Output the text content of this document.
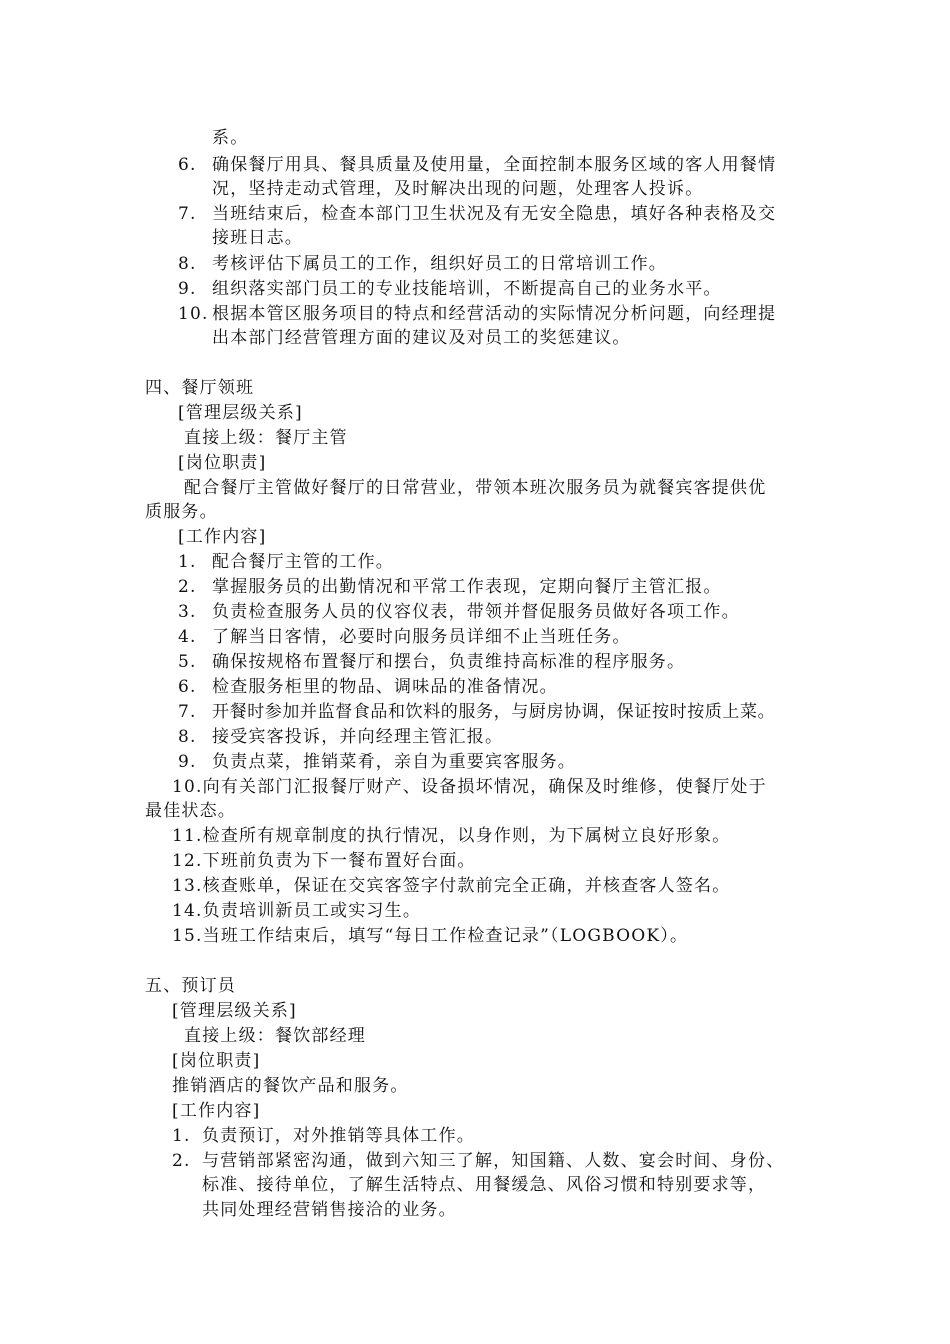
系。
6. 确保餐厅用具、餐具质量及使用量，全面控制本服务区域的客人用餐情
况，坚持走动式管理，及时解决出现的问题，处理客人投诉。
7. 当班结束后，检查本部门卫生状况及有无安全隐患，填好各种表格及交
接班日志。
8. 考核评估下属员工的工作，组织好员工的日常培训工作。
9. 组织落实部门员工的专业技能培训，不断提高自己的业务水平。
10. 根据本管区服务项目的特点和经营活动的实际情况分析问题，向经理提
出本部门经营管理方面的建议及对员工的奖惩建议。
四、餐厅领班
[管理层级关系]
直接上级：餐厅主管
[岗位职责]
配合餐厅主管做好餐厅的日常营业，带领本班次服务员为就餐宾客提供优
质服务。
[工作内容]
1. 配合餐厅主管的工作。
2. 掌握服务员的出勤情况和平常工作表现，定期向餐厅主管汇报。
3. 负责检查服务人员的仪容仪表，带领并督促服务员做好各项工作。
4. 了解当日客情，必要时向服务员详细不止当班任务。
5. 确保按规格布置餐厅和摆台，负责维持高标准的程序服务。
6. 检查服务柜里的物品、调味品的准备情况。
7. 开餐时参加并监督食品和饮料的服务，与厨房协调，保证按时按质上菜。
8. 接受宾客投诉，并向经理主管汇报。
9. 负责点菜，推销菜肴，亲自为重要宾客服务。
10.向有关部门汇报餐厅财产、设备损坏情况，确保及时维修，使餐厅处于
最佳状态。
11.检查所有规章制度的执行情况，以身作则，为下属树立良好形象。
12.下班前负责为下一餐布置好台面。
13.核查账单，保证在交宾客签字付款前完全正确，并核查客人签名。
14.负责培训新员工或实习生。
15.当班工作结束后，填写“每日工作检查记录”（LOGBOOK）。
五、预订员
[管理层级关系]
直接上级：餐饮部经理
[岗位职责]
推销酒店的餐饮产品和服务。
[工作内容]
1. 负责预订，对外推销等具体工作。
2. 与营销部紧密沟通，做到六知三了解，知国籍、人数、宴会时间、身份、
标准、接待单位，了解生活特点、用餐缓急、风俗习惯和特别要求等，
共同处理经营销售接洽的业务。
